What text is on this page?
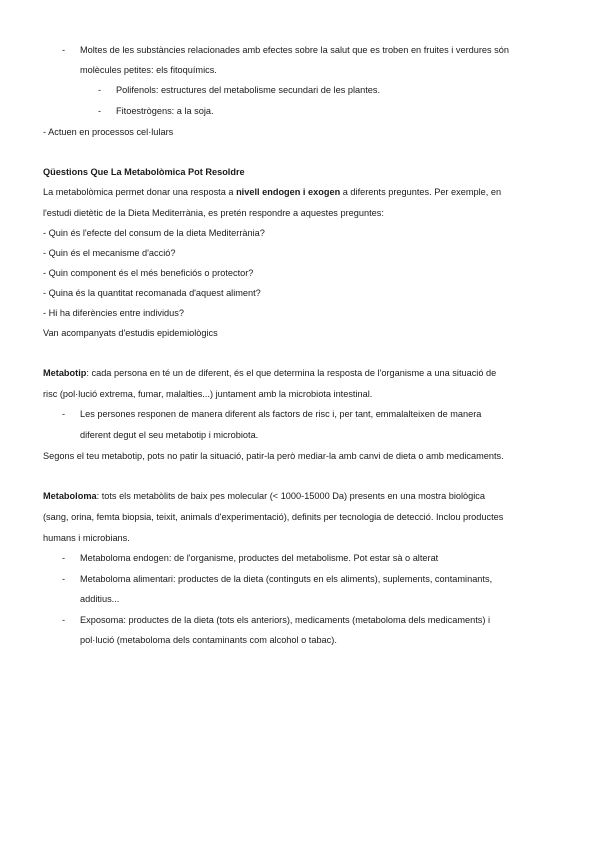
- Moltes de les substàncies relacionades amb efectes sobre la salut que es troben en fruites i verdures són
molècules petites: els fitoquímics.
- Polifenols: estructures del metabolisme secundari de les plantes.
- Fitoestrògens: a la soja.
- Actuen en processos cel·lulars
Qüestions Que La Metabolòmica Pot Resoldre
La metabolòmica permet donar una resposta a nivell endogen i exogen a diferents preguntes. Per exemple, en
l'estudi dietètic de la Dieta Mediterrània, es pretén respondre a aquestes preguntes:
- Quin és l'efecte del consum de la dieta Mediterrània?
- Quin és el mecanisme d'acció?
- Quin component és el més beneficiós o protector?
- Quina és la quantitat recomanada d'aquest aliment?
- Hi ha diferències entre individus?
Van acompanyats d'estudis epidemiològics
Metabotip: cada persona en té un de diferent, és el que determina la resposta de l'organisme a una situació de
risc (pol·lució extrema, fumar, malalties...) juntament amb la microbiota intestinal.
- Les persones responen de manera diferent als factors de risc i, per tant, emmalalteixen de manera
diferent degut el seu metabotip i microbiota.
Segons el teu metabotip, pots no patir la situació, patir-la però mediar-la amb canvi de dieta o amb medicaments.
Metaboloma: tots els metabòlits de baix pes molecular (< 1000-15000 Da) presents en una mostra biològica
(sang, orina, femta biopsia, teixit, animals d'experimentació), definits per tecnologia de detecció. Inclou productes
humans i microbians.
- Metaboloma endogen: de l'organisme, productes del metabolisme. Pot estar sà o alterat
- Metaboloma alimentari: productes de la dieta (continguts en els aliments), suplements, contaminants,
additius...
- Exposoma: productes de la dieta (tots els anteriors), medicaments (metaboloma dels medicaments) i
pol·lució (metaboloma dels contaminants com alcohol o tabac).
